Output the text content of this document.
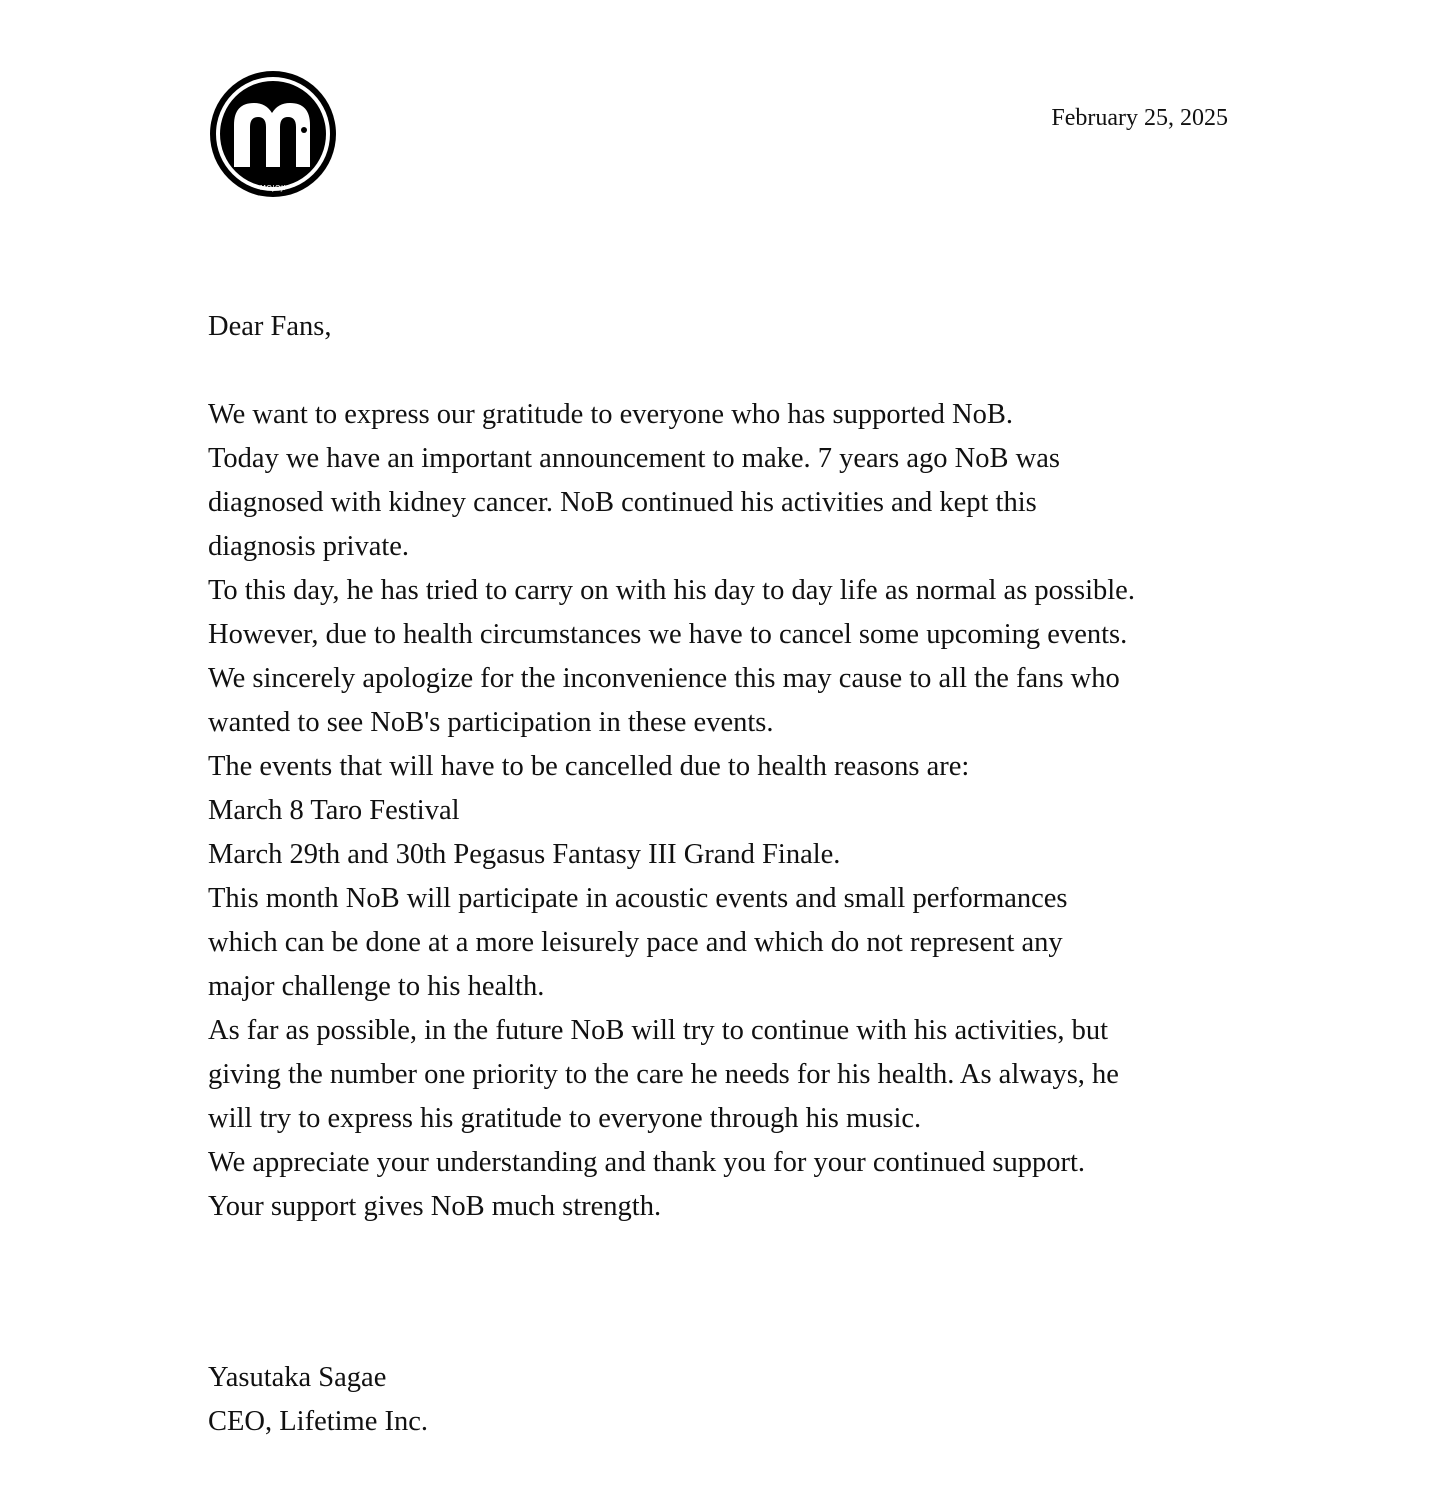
MOJOJI
February 25, 2025

Dear Fans,

We want to express our gratitude to everyone who has supported NoB.
Today we have an important announcement to make. 7 years ago NoB was
diagnosed with kidney cancer. NoB continued his activities and kept this
diagnosis private.
To this day, he has tried to carry on with his day to day life as normal as possible.
However, due to health circumstances we have to cancel some upcoming events.
We sincerely apologize for the inconvenience this may cause to all the fans who
wanted to see NoB's participation in these events.
The events that will have to be cancelled due to health reasons are:
March 8 Taro Festival
March 29th and 30th Pegasus Fantasy III Grand Finale.
This month NoB will participate in acoustic events and small performances
which can be done at a more leisurely pace and which do not represent any
major challenge to his health.
As far as possible, in the future NoB will try to continue with his activities, but
giving the number one priority to the care he needs for his health. As always, he
will try to express his gratitude to everyone through his music.
We appreciate your understanding and thank you for your continued support.
Your support gives NoB much strength.
Yasutaka Sagae
CEO, Lifetime Inc.
